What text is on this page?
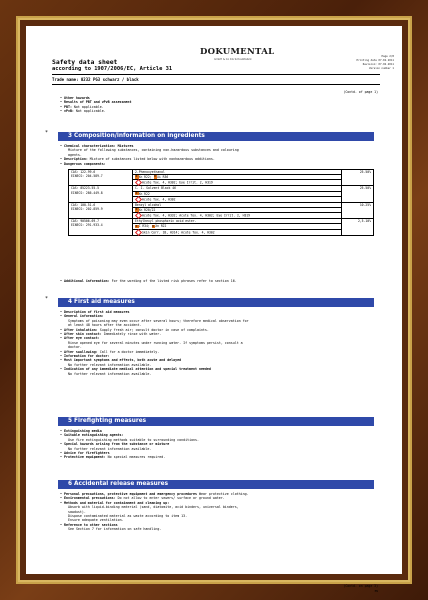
Safety data sheet
according to 1907/2006/EC, Article 31
DOKUMENTAL
GmbH & Co KG Schreibfabrik
Page 2/8
Printing date 07.02.2011
Revision: 07.02.2011
Version number 1
Trade name: 0232 PG3 schwarz / black
(Contd. of page 1)

• Other hazards

• Results of PBT and vPvB assessment

• PBT: Not applicable.

• vPvB: Not applicable.

*	3 Composition/information on ingredients

• Chemical characterization: Mixtures

Mixture of the following substances, containing non-hazardous substances and colouring

agents.

• Description: Mixture of substances listed below with nonhazardous additions.

• Dangerous components:

CAS: 122-99-6
EINECS: 204-589-7	2-Phenoxyethanol	25-50%
xXn R22; xXi R36
	Acute Tox. 4, H302; Eye Irrit. 2, H319	

CAS: 85223-55-5
EINECS: 286-449-8	C. I. Solvent Black 46	25-50%
xXn R22
	Acute Tox. 4, H302	

CAS: 100-51-6
EINECS: 202-859-9	Benzyl alcohol	10-25%
xXn R20/22
	Acute Tox. 4, H332; Acute Tox. 4, H302; Eye Irrit. 2, H319	

CAS: 90506-69-7
EINECS: 291-933-4	Ethylhexyl phosphoric acid ester.	2,5-10%
xC R34; xXn R22
	Skin Corr. 1B, H314; Acute Tox. 4, H302	

• Additional information: For the wording of the listed risk phrases refer to section 16.

*	4 First aid measures

• Description of first aid measures

• General information:

Symptoms of poisoning may even occur after several hours; therefore medical observation for

at least 48 hours after the accident.

• After inhalation: Supply fresh air; consult doctor in case of complaints.

• After skin contact: Immediately rinse with water.

• After eye contact:

Rinse opened eye for several minutes under running water. If symptoms persist, consult a

doctor.

• After swallowing: Call for a doctor immediately.

• Information for doctor:

• Most important symptoms and effects, both acute and delayed

No further relevant information available.

• Indication of any immediate medical attention and special treatment needed

No further relevant information available.

5 Firefighting measures

• Extinguishing media

• Suitable extinguishing agents:

Use fire extinguishing methods suitable to surrounding conditions.

• Special hazards arising from the substance or mixture

No further relevant information available.

• Advice for firefighters

• Protective equipment: No special measures required.

6 Accidental release measures

• Personal precautions, protective equipment and emergency procedures Wear protective clothing.

• Environmental precautions: Do not allow to enter sewers/ surface or ground water.

• Methods and material for containment and cleaning up:

Absorb with liquid-binding material (sand, diatomite, acid binders, universal binders,

sawdust).

Dispose contaminated material as waste according to item 13.

Ensure adequate ventilation.

• Reference to other sections

See Section 7 for information on safe handling.

(Contd. on page 3)
EN
